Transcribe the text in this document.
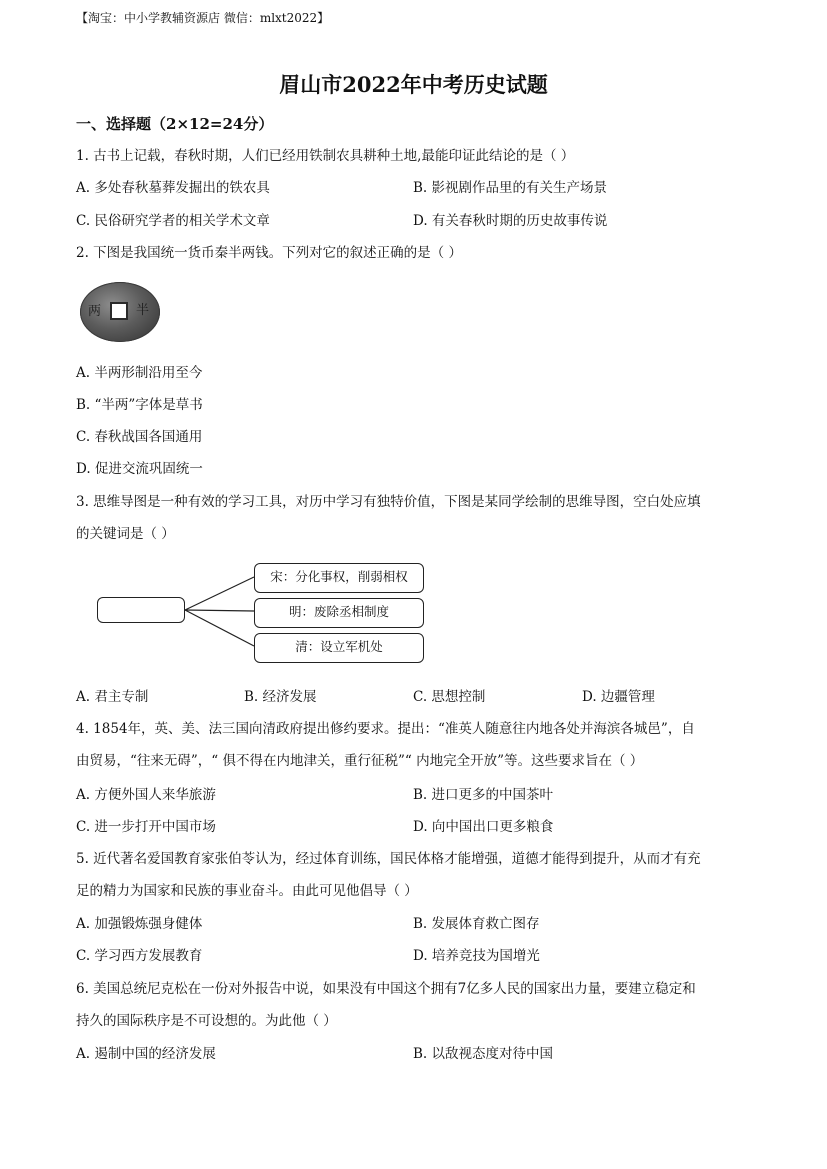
【淘宝：中小学教辅资源店 微信：mlxt2022】
眉山市2022年中考历史试题
一、选择题（2×12=24分）
1. 古书上记载，春秋时期，人们已经用铁制农具耕种土地,最能印证此结论的是（ ）
A. 多处春秋墓葬发掘出的铁农具	B. 影视剧作品里的有关生产场景
C. 民俗研究学者的相关学术文章	D. 有关春秋时期的历史故事传说
2. 下图是我国统一货币秦半两钱。下列对它的叙述正确的是（ ）
两	半
A. 半两形制沿用至今
B. “半两”字体是草书
C. 春秋战国各国通用
D. 促进交流巩固统一
3. 思维导图是一种有效的学习工具，对历中学习有独特价值，下图是某同学绘制的思维导图，空白处应填
的关键词是（ ）
宋：分化事权，削弱相权
明：废除丞相制度
清：设立军机处
A. 君主专制	B. 经济发展	C. 思想控制	D. 边疆管理
4. 1854年，英、美、法三国向清政府提出修约要求。提出：“准英人随意往内地各处并海滨各城邑”，自
由贸易，“往来无碍”，“ 俱不得在内地津关，重行征税”“ 内地完全开放”等。这些要求旨在（ ）
A. 方便外国人来华旅游	B. 进口更多的中国茶叶
C. 进一步打开中国市场	D. 向中国出口更多粮食
5. 近代著名爱国教育家张伯苓认为，经过体育训练，国民体格才能增强，道德才能得到提升，从而才有充
足的精力为国家和民族的事业奋斗。由此可见他倡导（ ）
A. 加强锻炼强身健体	B. 发展体育救亡图存
C. 学习西方发展教育	D. 培养竞技为国增光
6. 美国总统尼克松在一份对外报告中说，如果没有中国这个拥有7亿多人民的国家出力量，要建立稳定和
持久的国际秩序是不可设想的。为此他（ ）
A. 遏制中国的经济发展	B. 以敌视态度对待中国
